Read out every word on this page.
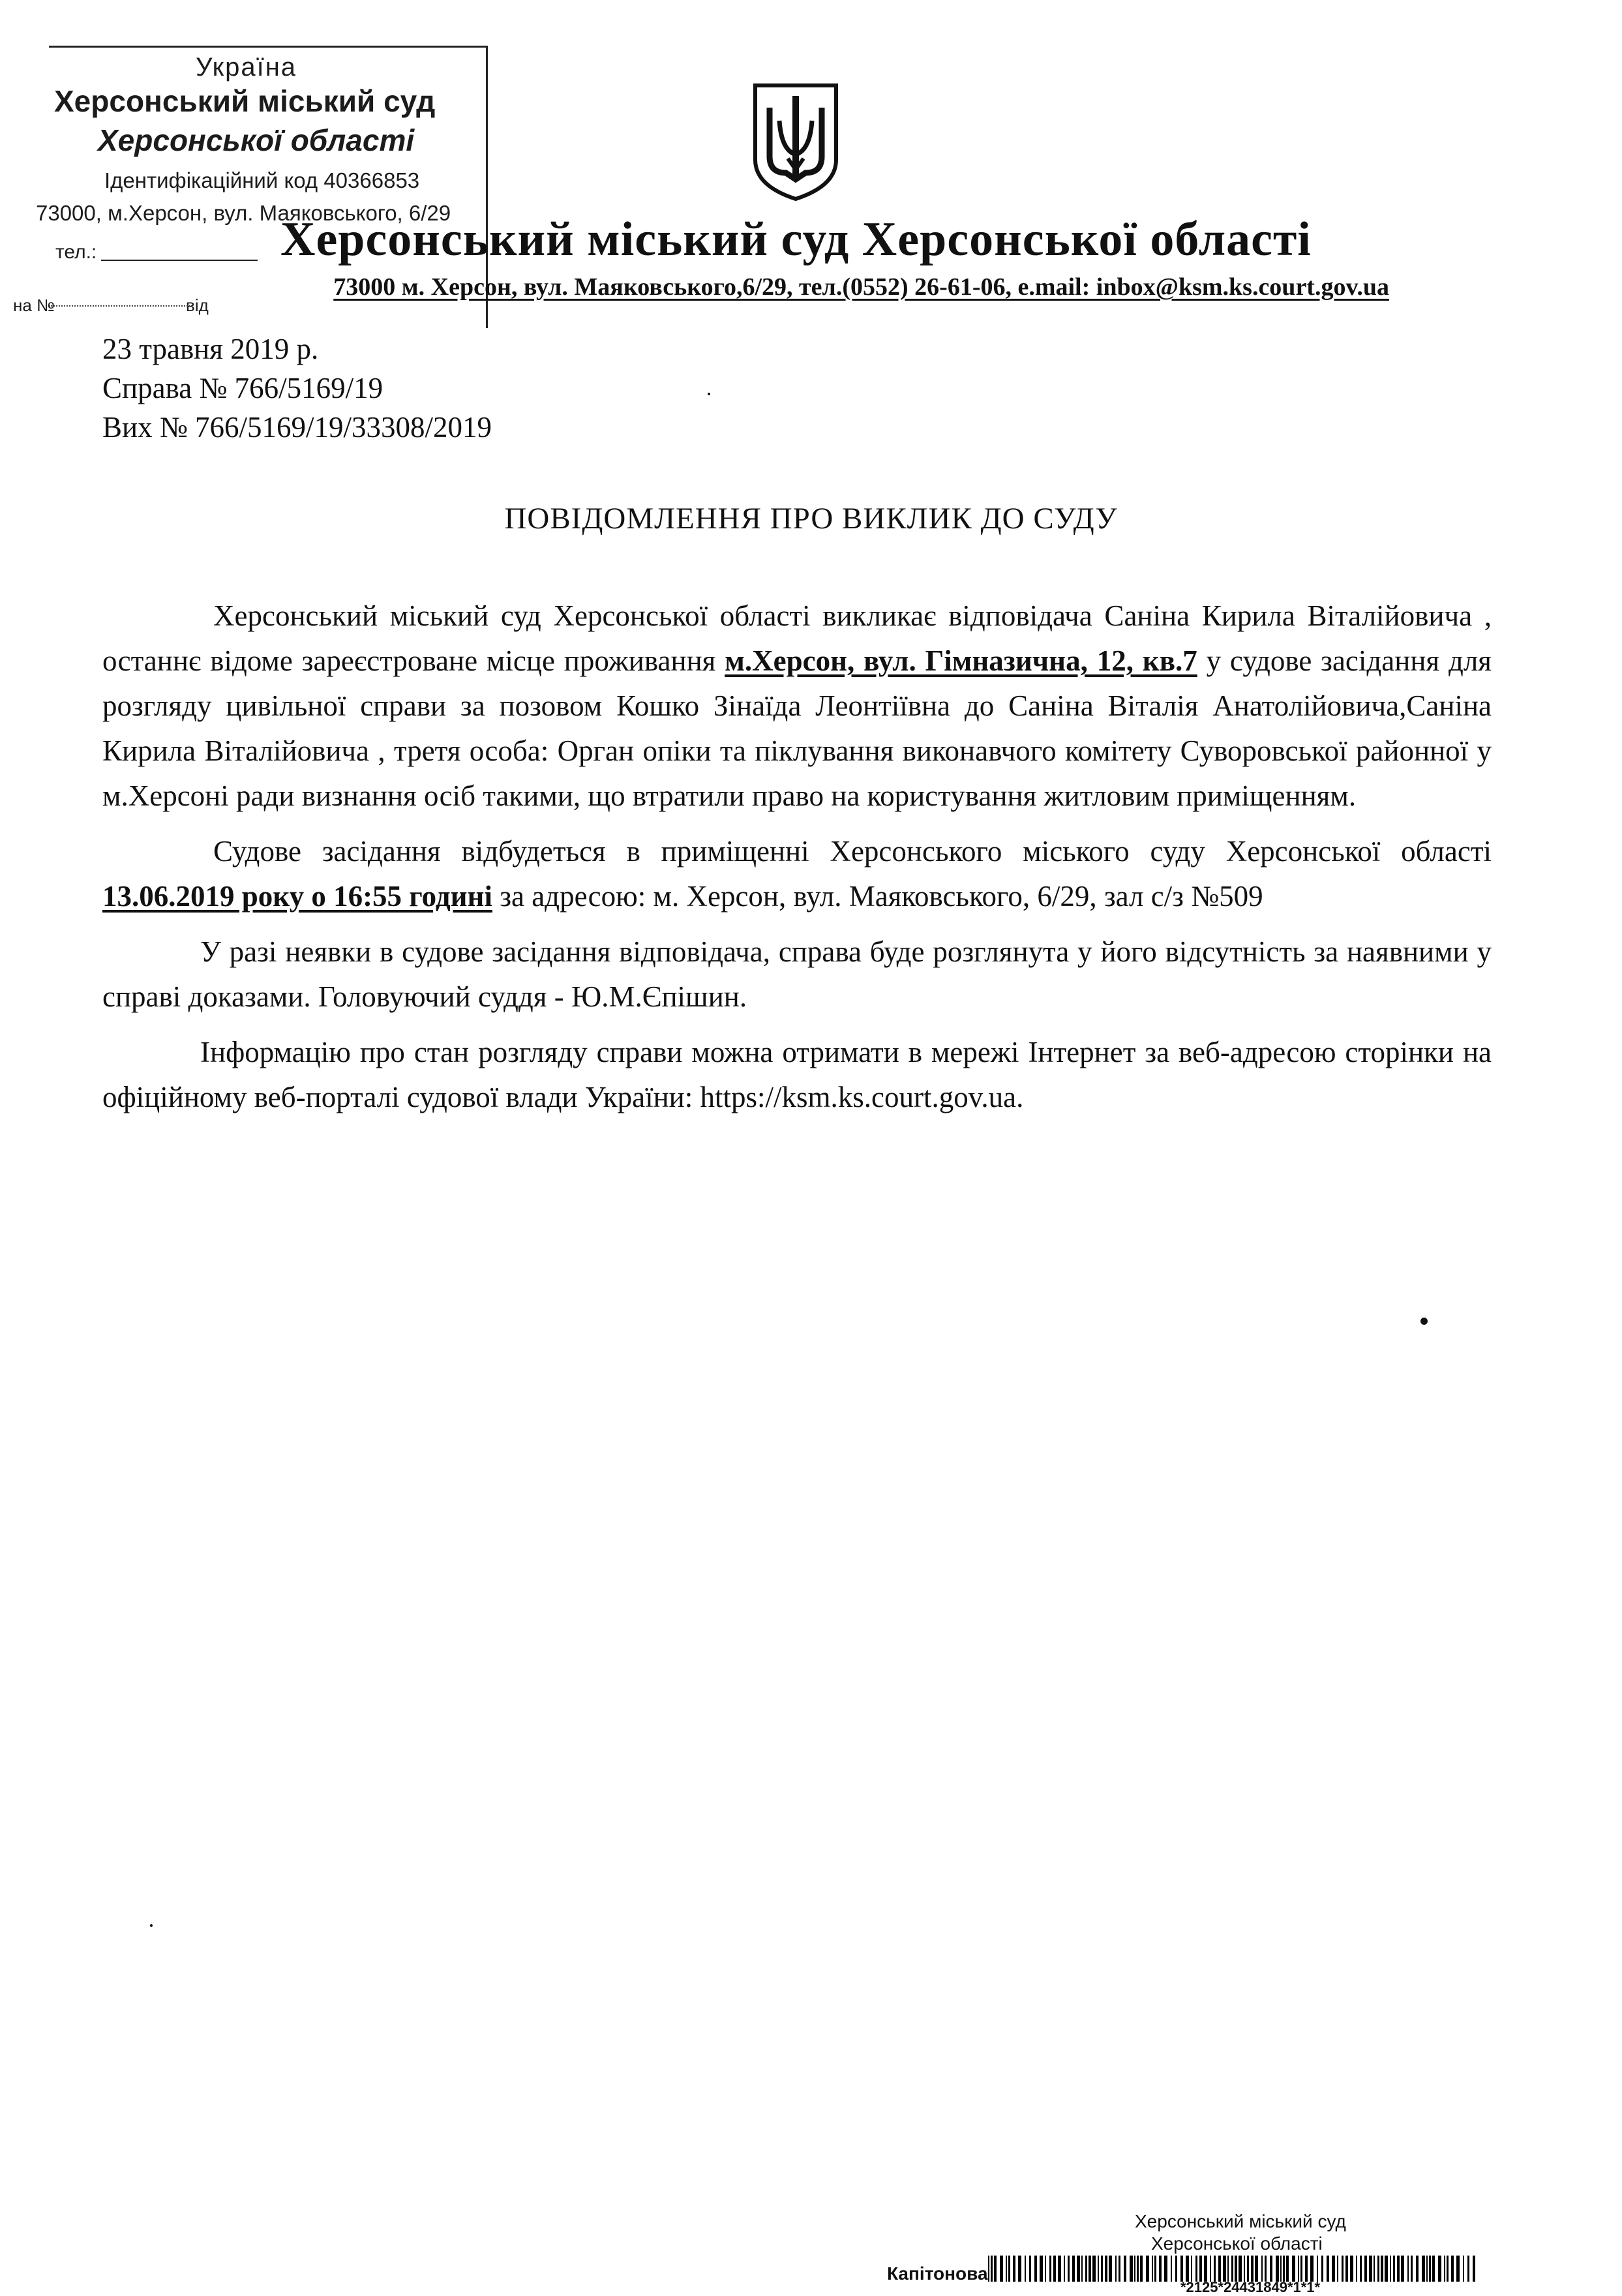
Україна
Херсонський міський суд
Херсонської області
Ідентифікаційний код 40366853
73000, м.Херсон, вул. Маяковського, 6/29
тел.:
на №	від
Херсонський міський суд Херсонської області
73000 м. Херсон, вул. Маяковського,6/29, тел.(0552) 26-61-06, e.mail: inbox@ksm.ks.court.gov.ua
23 травня 2019 р.
Справа № 766/5169/19
Вих № 766/5169/19/33308/2019
ПОВІДОМЛЕННЯ ПРО ВИКЛИК ДО СУДУ

Херсонський міський суд Херсонської області викликає відповідача Саніна Кирила Віталійовича , останнє відоме зареєстроване місце проживання м.Херсон, вул. Гімназична, 12, кв.7 у судове засідання для розгляду цивільної справи за позовом Кошко Зінаїда Леонтіївна до Саніна Віталія Анатолійовича,Саніна Кирила Віталійовича , третя особа: Орган опіки та піклування виконавчого комітету Суворовської районної у м.Херсоні ради визнання осіб такими, що втратили право на користування житловим приміщенням.

Судове засідання відбудеться в приміщенні Херсонського міського суду Херсонської області 13.06.2019 року о 16:55 годині за адресою: м. Херсон, вул. Маяковського, 6/29, зал с/з №509

У разі неявки в судове засідання відповідача, справа буде розглянута у його відсутність за наявними у справі доказами. Головуючий суддя - Ю.М.Єпішин.

Інформацію про стан розгляду справи можна отримати в мережі Інтернет за веб-адресою сторінки на офіційному веб-порталі судової влади України: https://ksm.ks.court.gov.ua.

Херсонський міський суд
Херсонської області
Капітонова
*2125*24431849*1*1*
